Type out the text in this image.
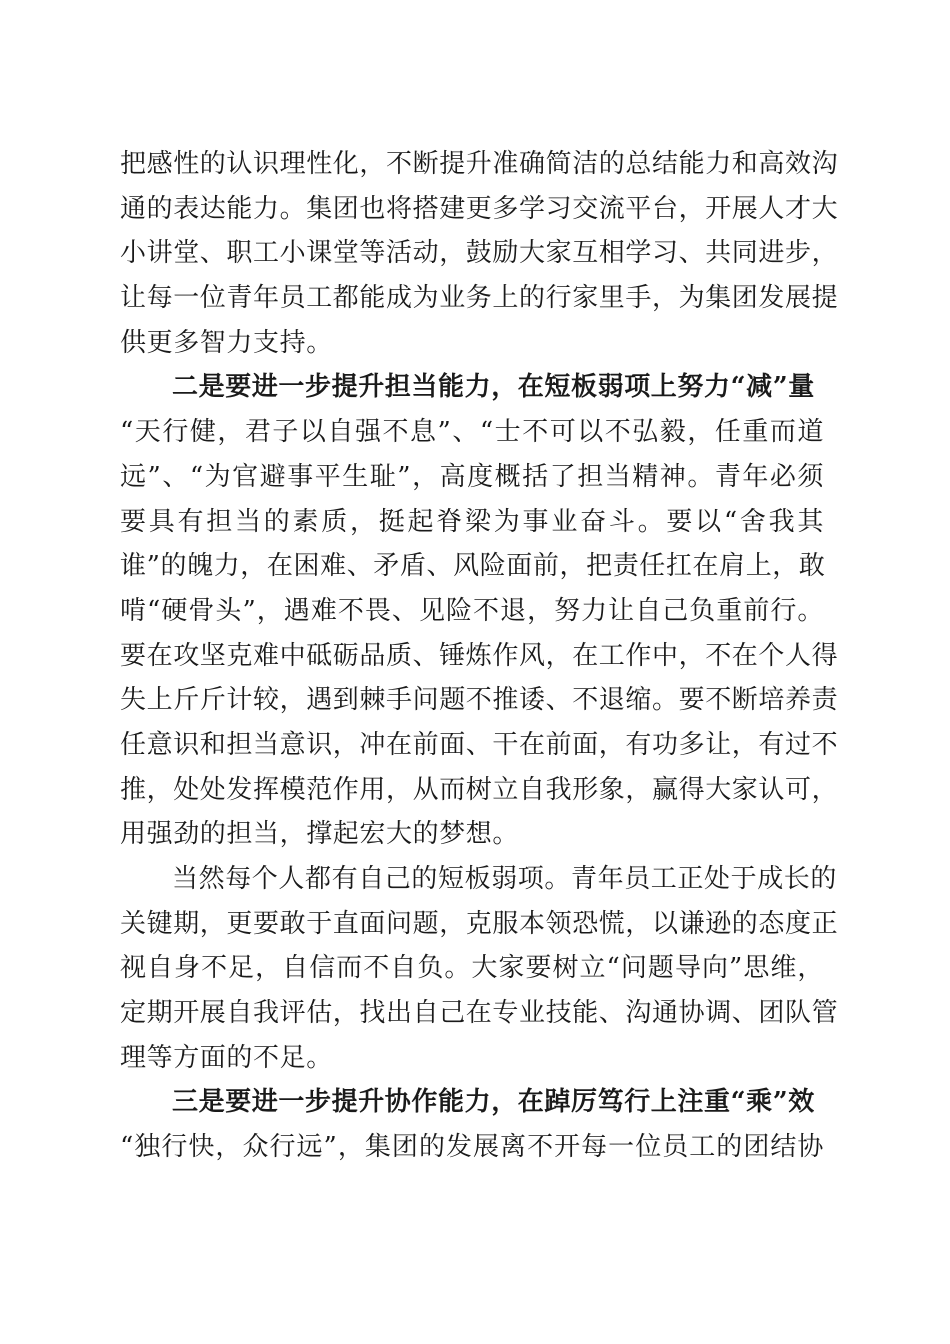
把感性的认识理性化，不断提升准确简洁的总结能力和高效沟
通的表达能力。集团也将搭建更多学习交流平台，开展人才大
小讲堂、职工小课堂等活动，鼓励大家互相学习、共同进步，
让每一位青年员工都能成为业务上的行家里手，为集团发展提
供更多智力支持。
二是要进一步提升担当能力，在短板弱项上努力“减”量
“天行健，君子以自强不息”、“士不可以不弘毅，任重而道
远”、“为官避事平生耻”，高度概括了担当精神。青年必须
要具有担当的素质，挺起脊梁为事业奋斗。要以“舍我其
谁”的魄力，在困难、矛盾、风险面前，把责任扛在肩上，敢
啃“硬骨头”，遇难不畏、见险不退，努力让自己负重前行。
要在攻坚克难中砥砺品质、锤炼作风，在工作中，不在个人得
失上斤斤计较，遇到棘手问题不推诿、不退缩。要不断培养责
任意识和担当意识，冲在前面、干在前面，有功多让，有过不
推，处处发挥模范作用，从而树立自我形象，赢得大家认可，
用强劲的担当，撑起宏大的梦想。
当然每个人都有自己的短板弱项。青年员工正处于成长的
关键期，更要敢于直面问题，克服本领恐慌，以谦逊的态度正
视自身不足，自信而不自负。大家要树立“问题导向”思维，
定期开展自我评估，找出自己在专业技能、沟通协调、团队管
理等方面的不足。
三是要进一步提升协作能力，在踔厉笃行上注重“乘”效
“独行快，众行远”，集团的发展离不开每一位员工的团结协
